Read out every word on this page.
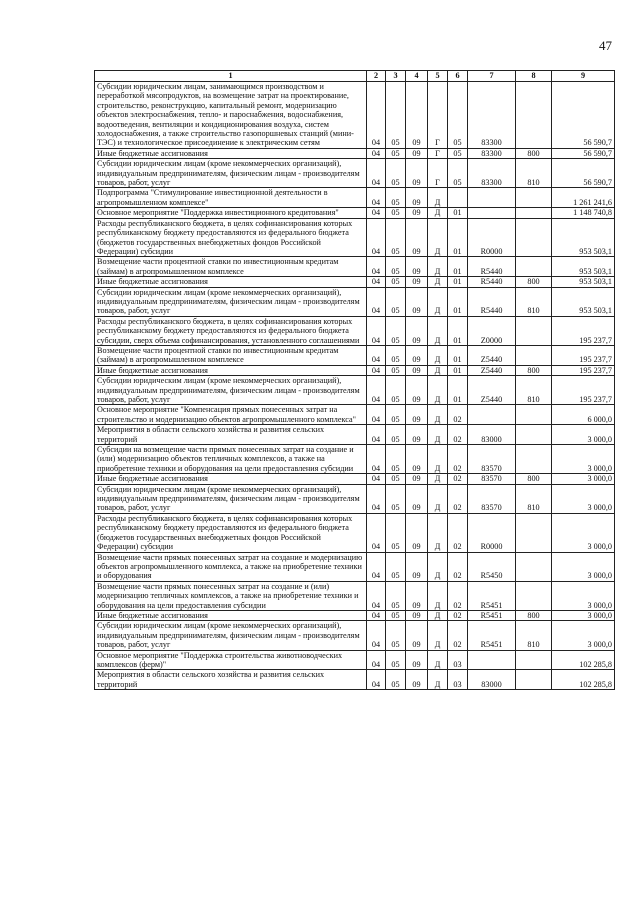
47
1	2	3	4	5	6	7	8	9
Субсидии юридическим лицам, занимающимся производством и переработкой мясопродуктов, на возмещение затрат на проектирование, строительство, реконструкцию, капитальный ремонт, модернизацию объектов электроснабжения, тепло- и пароснабжения, водоснабжения, водоотведения, вентиляции и кондиционирования воздуха, систем холодоснабжения, а также строительство газопоршневых станций (мини-ТЭС) и технологическое присоединение к электрическим сетям	04	05	09	Г	05	83300		56 590,7
Иные бюджетные ассигнования	04	05	09	Г	05	83300	800	56 590,7
Субсидии юридическим лицам (кроме некоммерческих организаций), индивидуальным предпринимателям, физическим лицам - производителям товаров, работ, услуг	04	05	09	Г	05	83300	810	56 590,7
Подпрограмма "Стимулирование инвестиционной деятельности в агропромышленном комплексе"	04	05	09	Д				1 261 241,6
Основное мероприятие "Поддержка инвестиционного кредитования"	04	05	09	Д	01			1 148 740,8
Расходы республиканского бюджета, в целях софинансирования которых республиканскому бюджету предоставляются из федерального бюджета (бюджетов государственных внебюджетных фондов Российской Федерации) субсидии	04	05	09	Д	01	R0000		953 503,1
Возмещение части процентной ставки по инвестиционным кредитам (займам) в агропромышленном комплексе	04	05	09	Д	01	R5440		953 503,1
Иные бюджетные ассигнования	04	05	09	Д	01	R5440	800	953 503,1
Субсидии юридическим лицам (кроме некоммерческих организаций), индивидуальным предпринимателям, физическим лицам - производителям товаров, работ, услуг	04	05	09	Д	01	R5440	810	953 503,1
Расходы республиканского бюджета, в целях софинансирования которых республиканскому бюджету предоставляются из федерального бюджета субсидии, сверх объема софинансирования, установленного соглашениями	04	05	09	Д	01	Z0000		195 237,7
Возмещение части процентной ставки по инвестиционным кредитам (займам) в агропромышленном комплексе	04	05	09	Д	01	Z5440		195 237,7
Иные бюджетные ассигнования	04	05	09	Д	01	Z5440	800	195 237,7
Субсидии юридическим лицам (кроме некоммерческих организаций), индивидуальным предпринимателям, физическим лицам - производителям товаров, работ, услуг	04	05	09	Д	01	Z5440	810	195 237,7
Основное мероприятие "Компенсация прямых понесенных затрат на строительство и модернизацию объектов агропромышленного комплекса"	04	05	09	Д	02			6 000,0
Мероприятия в области сельского хозяйства и развития сельских территорий	04	05	09	Д	02	83000		3 000,0
Субсидии на возмещение части прямых понесенных затрат на создание и (или) модернизацию объектов тепличных комплексов, а также на приобретение техники и оборудования на цели предоставления субсидии	04	05	09	Д	02	83570		3 000,0
Иные бюджетные ассигнования	04	05	09	Д	02	83570	800	3 000,0
Субсидии юридическим лицам (кроме некоммерческих организаций), индивидуальным предпринимателям, физическим лицам - производителям товаров, работ, услуг	04	05	09	Д	02	83570	810	3 000,0
Расходы республиканского бюджета, в целях софинансирования которых республиканскому бюджету предоставляются из федерального бюджета (бюджетов государственных внебюджетных фондов Российской Федерации) субсидии	04	05	09	Д	02	R0000		3 000,0
Возмещение части прямых понесенных затрат на создание и модернизацию объектов агропромышленного комплекса, а также на приобретение техники и оборудования	04	05	09	Д	02	R5450		3 000,0
Возмещение части прямых понесенных затрат на создание и (или) модернизацию тепличных комплексов, а также на приобретение техники и оборудования на цели предоставления субсидии	04	05	09	Д	02	R5451		3 000,0
Иные бюджетные ассигнования	04	05	09	Д	02	R5451	800	3 000,0
Субсидии юридическим лицам (кроме некоммерческих организаций), индивидуальным предпринимателям, физическим лицам - производителям товаров, работ, услуг	04	05	09	Д	02	R5451	810	3 000,0
Основное мероприятие "Поддержка строительства животноводческих комплексов (ферм)"	04	05	09	Д	03			102 285,8
Мероприятия в области сельского хозяйства и развития сельских территорий	04	05	09	Д	03	83000		102 285,8
